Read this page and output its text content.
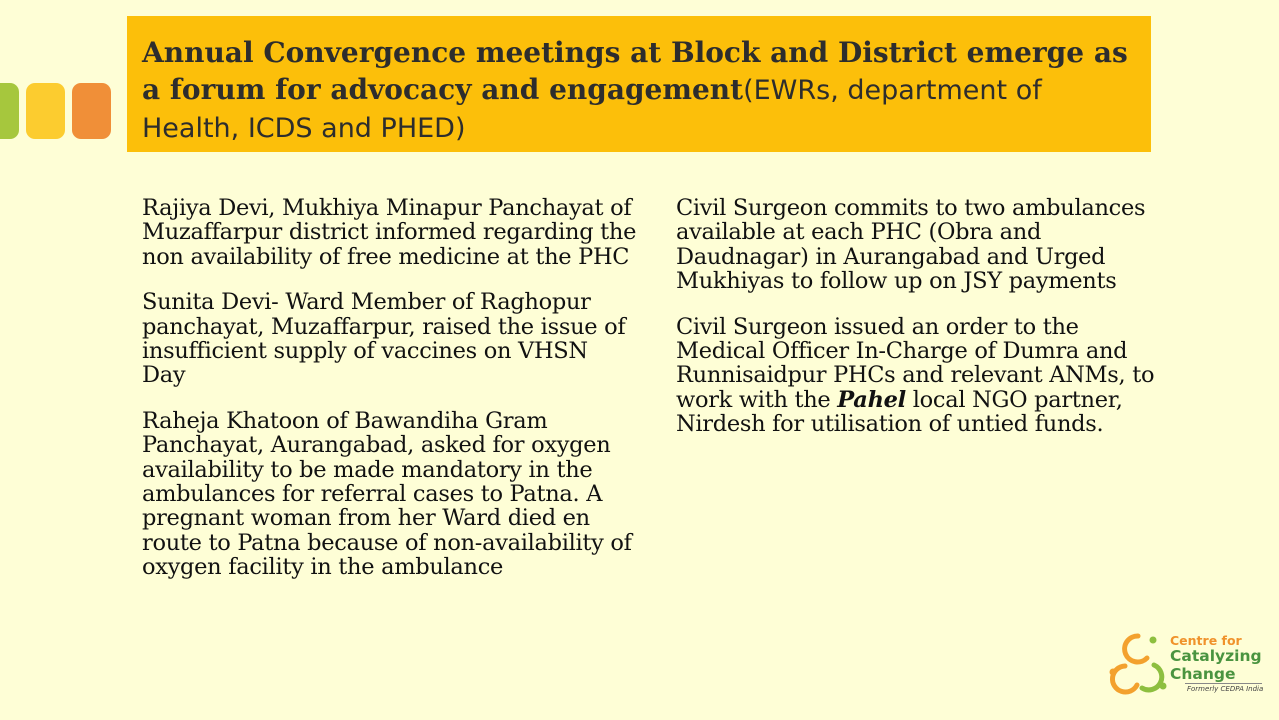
Annual Convergence meetings at Block and District emerge as a forum for advocacy and engagement(EWRs, department of Health, ICDS and PHED)

Rajiya Devi, Mukhiya Minapur Panchayat of Muzaffarpur district informed regarding the non availability of free medicine at the PHC

Sunita Devi- Ward Member of Raghopur panchayat, Muzaffarpur, raised the issue of insufficient supply of vaccines on VHSN Day

Raheja Khatoon of Bawandiha Gram Panchayat, Aurangabad, asked for oxygen availability to be made mandatory in the ambulances for referral cases to Patna. A pregnant woman from her Ward died en route to Patna because of non-availability of oxygen facility in the ambulance

Civil Surgeon commits to two ambulances available at each PHC (Obra and Daudnagar) in Aurangabad and Urged Mukhiyas to follow up on JSY payments

Civil Surgeon issued an order to the Medical Officer In-Charge of Dumra and Runnisaidpur PHCs and relevant ANMs, to work with the Pahel local NGO partner, Nirdesh for utilisation of untied funds.

Centre for
Catalyzing
Change
Formerly CEDPA India
